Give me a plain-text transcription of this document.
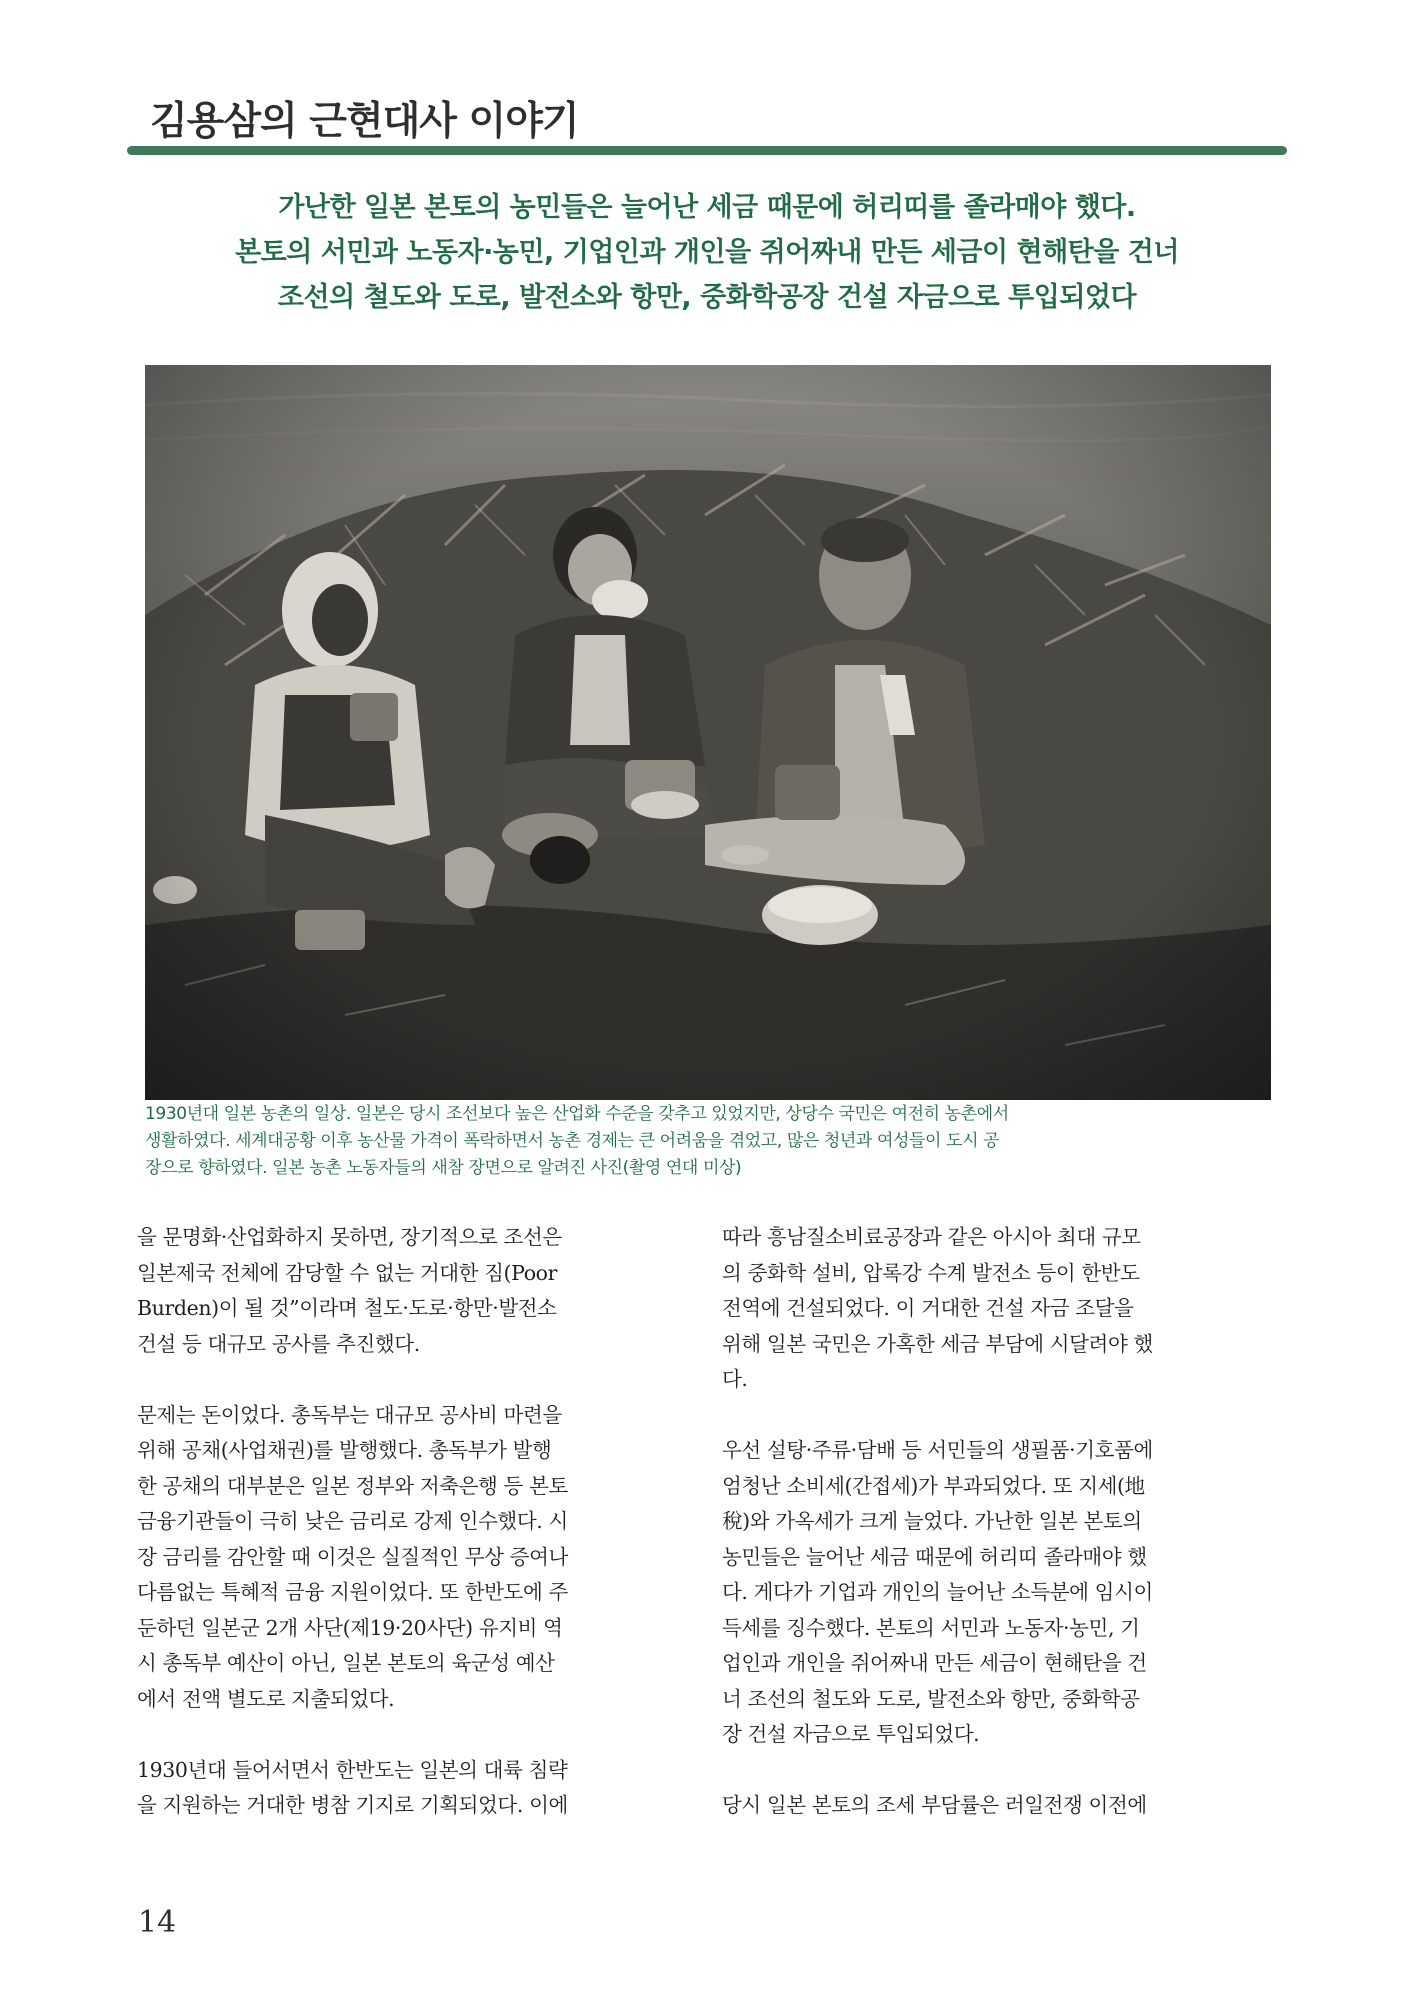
김용삼의 근현대사 이야기
가난한 일본 본토의 농민들은 늘어난 세금 때문에 허리띠를 졸라매야 했다.
본토의 서민과 노동자·농민, 기업인과 개인을 쥐어짜내 만든 세금이 현해탄을 건너
조선의 철도와 도로, 발전소와 항만, 중화학공장 건설 자금으로 투입되었다
1930년대 일본 농촌의 일상. 일본은 당시 조선보다 높은 산업화 수준을 갖추고 있었지만, 상당수 국민은 여전히 농촌에서
생활하였다. 세계대공황 이후 농산물 가격이 폭락하면서 농촌 경제는 큰 어려움을 겪었고, 많은 청년과 여성들이 도시 공
장으로 향하였다. 일본 농촌 노동자들의 새참 장면으로 알려진 사진(촬영 연대 미상)
을 문명화·산업화하지 못하면, 장기적으로 조선은
일본제국 전체에 감당할 수 없는 거대한 짐(Poor
Burden)이 될 것”이라며 철도·도로·항만·발전소
건설 등 대규모 공사를 추진했다.
문제는 돈이었다. 총독부는 대규모 공사비 마련을
위해 공채(사업채권)를 발행했다. 총독부가 발행
한 공채의 대부분은 일본 정부와 저축은행 등 본토
금융기관들이 극히 낮은 금리로 강제 인수했다. 시
장 금리를 감안할 때 이것은 실질적인 무상 증여나
다름없는 특혜적 금융 지원이었다. 또 한반도에 주
둔하던 일본군 2개 사단(제19·20사단) 유지비 역
시 총독부 예산이 아닌, 일본 본토의 육군성 예산
에서 전액 별도로 지출되었다.
1930년대 들어서면서 한반도는 일본의 대륙 침략
을 지원하는 거대한 병참 기지로 기획되었다. 이에
따라 흥남질소비료공장과 같은 아시아 최대 규모
의 중화학 설비, 압록강 수계 발전소 등이 한반도
전역에 건설되었다. 이 거대한 건설 자금 조달을
위해 일본 국민은 가혹한 세금 부담에 시달려야 했
다.
우선 설탕·주류·담배 등 서민들의 생필품·기호품에
엄청난 소비세(간접세)가 부과되었다. 또 지세(地
稅)와 가옥세가 크게 늘었다. 가난한 일본 본토의
농민들은 늘어난 세금 때문에 허리띠 졸라매야 했
다. 게다가 기업과 개인의 늘어난 소득분에 임시이
득세를 징수했다. 본토의 서민과 노동자·농민, 기
업인과 개인을 쥐어짜내 만든 세금이 현해탄을 건
너 조선의 철도와 도로, 발전소와 항만, 중화학공
장 건설 자금으로 투입되었다.
당시 일본 본토의 조세 부담률은 러일전쟁 이전에

14
